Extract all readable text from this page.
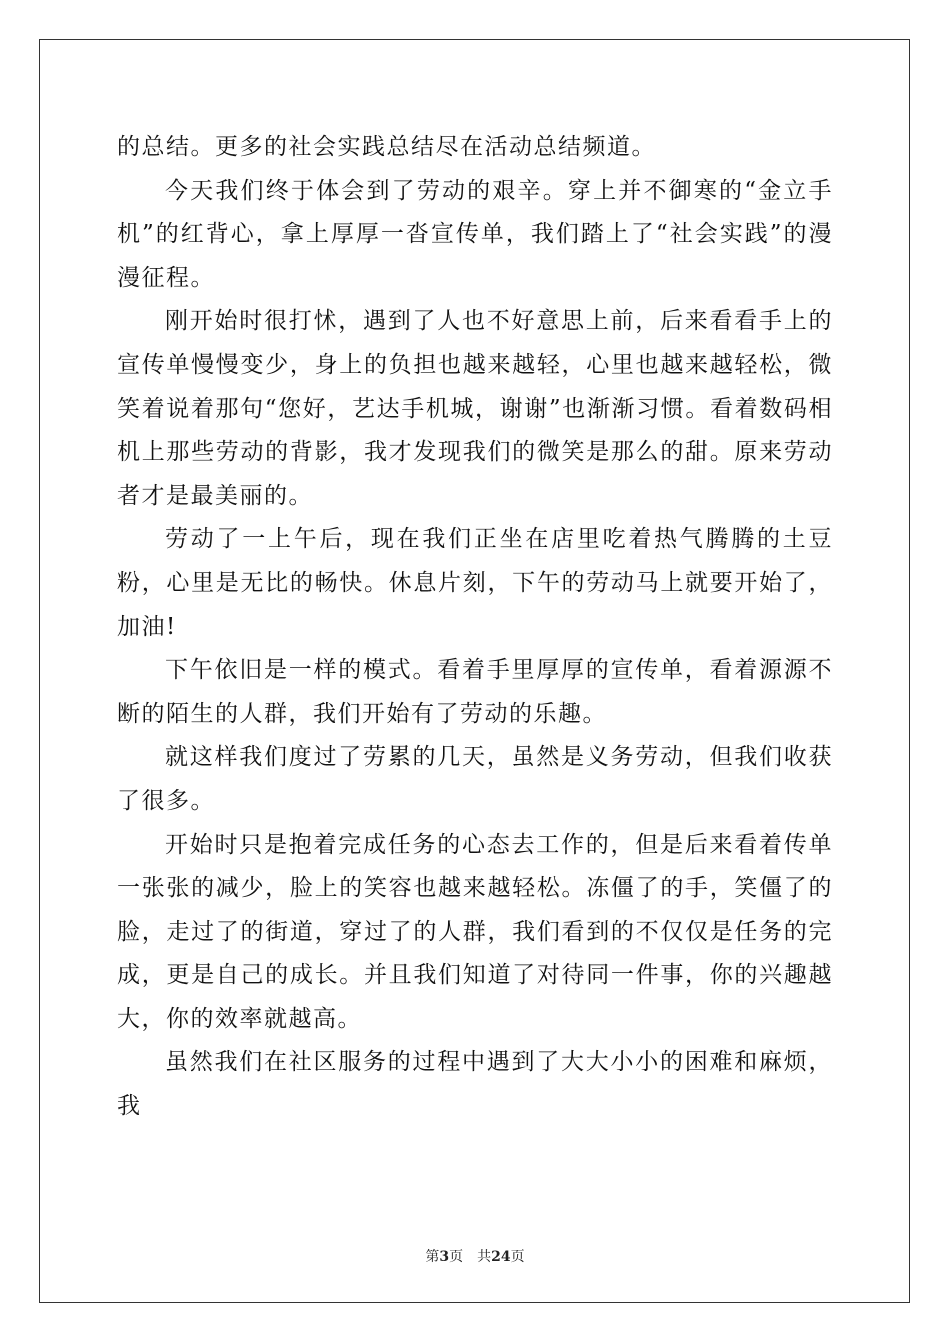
的总结。更多的社会实践总结尽在活动总结频道。

今天我们终于体会到了劳动的艰辛。穿上并不御寒的“金立手机”的红背心，拿上厚厚一沓宣传单，我们踏上了“社会实践”的漫漫征程。

刚开始时很打怵，遇到了人也不好意思上前，后来看看手上的宣传单慢慢变少，身上的负担也越来越轻，心里也越来越轻松，微笑着说着那句“您好，艺达手机城，谢谢”也渐渐习惯。看着数码相机上那些劳动的背影，我才发现我们的微笑是那么的甜。原来劳动者才是最美丽的。

劳动了一上午后，现在我们正坐在店里吃着热气腾腾的土豆粉，心里是无比的畅快。休息片刻，下午的劳动马上就要开始了，加油!

下午依旧是一样的模式。看着手里厚厚的宣传单，看着源源不断的陌生的人群，我们开始有了劳动的乐趣。

就这样我们度过了劳累的几天，虽然是义务劳动，但我们收获了很多。

开始时只是抱着完成任务的心态去工作的，但是后来看着传单一张张的减少，脸上的笑容也越来越轻松。冻僵了的手，笑僵了的脸，走过了的街道，穿过了的人群，我们看到的不仅仅是任务的完成，更是自己的成长。并且我们知道了对待同一件事，你的兴趣越大，你的效率就越高。

虽然我们在社区服务的过程中遇到了大大小小的困难和麻烦，我

第3页 共24页
